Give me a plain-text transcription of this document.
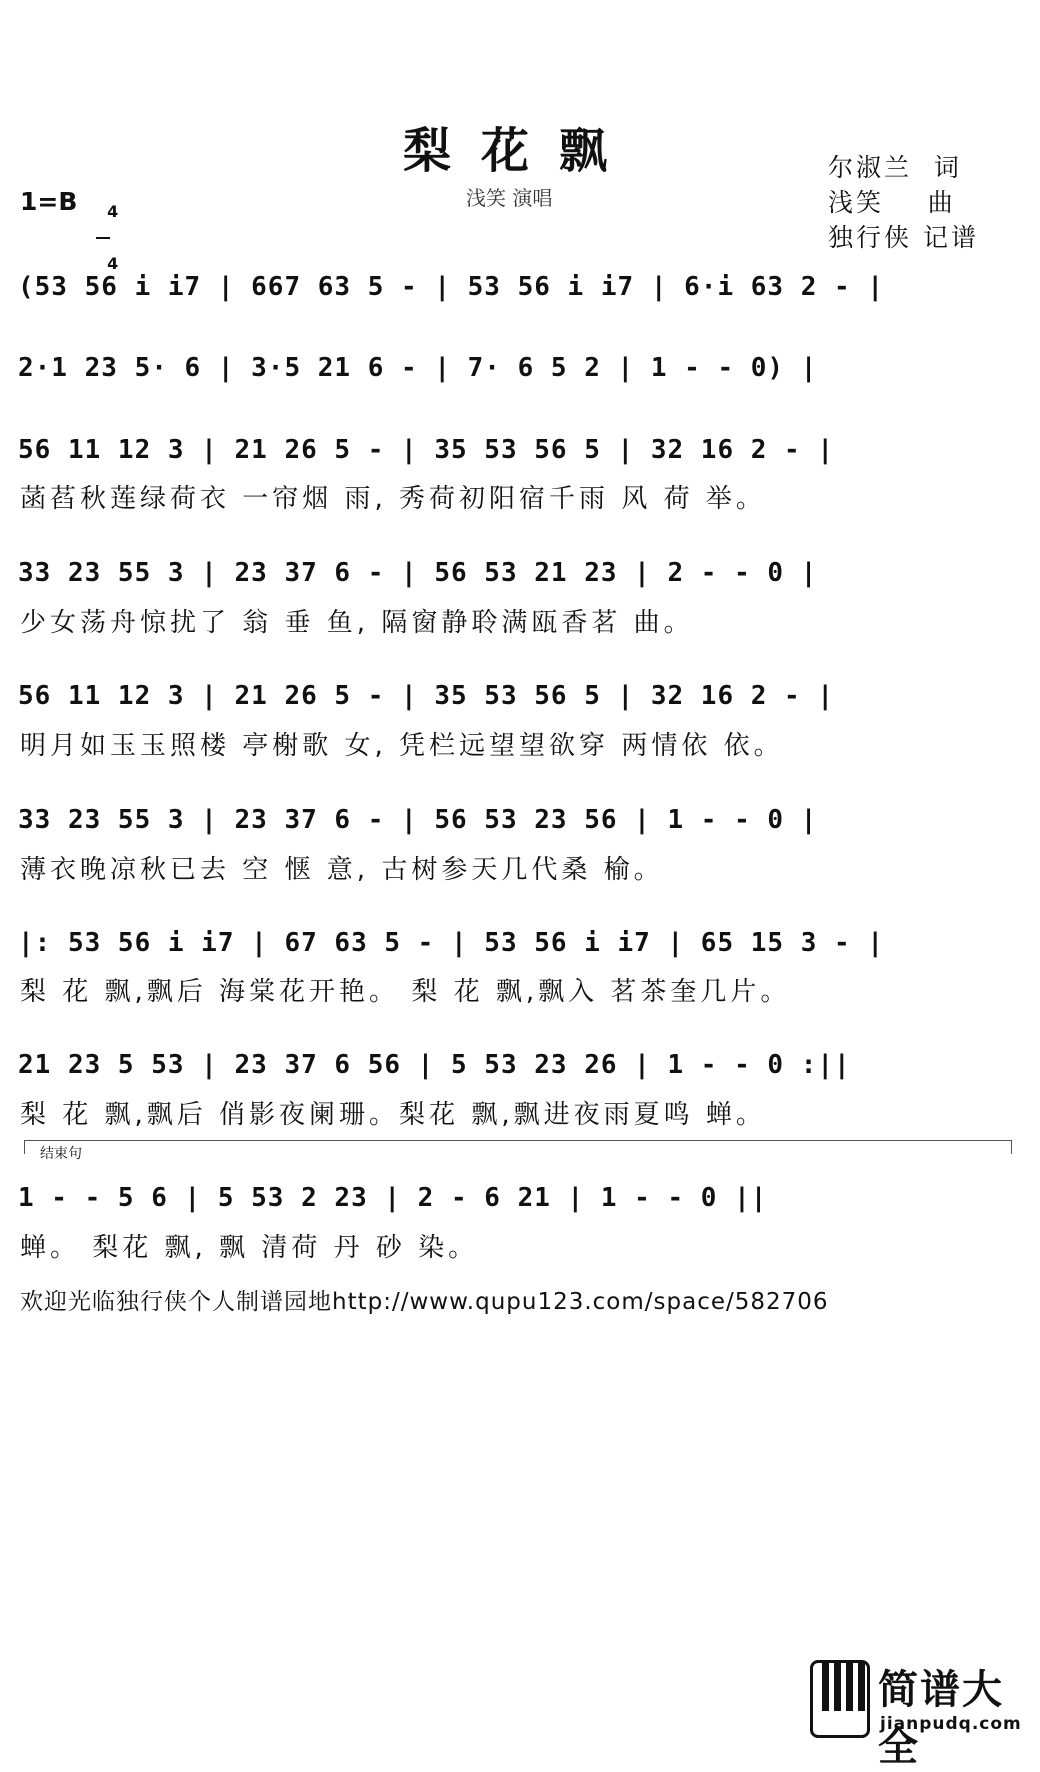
梨花飘
浅笑 演唱
尔淑兰  词
浅笑    曲
独行侠 记谱
1=B	4

4

(53 56 i i7 | 667 63 5 - | 53 56 i i7 | 6·i 63 2 - |
2·1 23 5· 6 | 3·5 21 6 - | 7· 6 5 2 | 1 - - 0) |
56 11 12 3 | 21 26 5 - | 35 53 56 5 | 32 16 2 - |
菡萏秋莲绿荷衣 一帘烟 雨, 秀荷初阳宿千雨 风 荷 举。
33 23 55 3 | 23 37 6 - | 56 53 21 23 | 2 - - 0 |
少女荡舟惊扰了 翁 垂 鱼, 隔窗静聆满瓯香茗 曲。
56 11 12 3 | 21 26 5 - | 35 53 56 5 | 32 16 2 - |
明月如玉玉照楼 亭榭歌 女, 凭栏远望望欲穿 两情依 依。
33 23 55 3 | 23 37 6 - | 56 53 23 56 | 1 - - 0 |
薄衣晚凉秋已去 空 惬 意, 古树参天几代桑 榆。
|: 53 56 i i7 | 67 63 5 - | 53 56 i i7 | 65 15 3 - |
梨 花 飘,飘后 海棠花开艳。 梨 花 飘,飘入 茗茶奎几片。
21 23 5 53 | 23 37 6 56 | 5 53 23 26 | 1 - - 0 :||
梨 花 飘,飘后 俏影夜阑珊。梨花 飘,飘进夜雨夏鸣 蝉。
结束句
1 - - 5 6 | 5 53 2 23 | 2 - 6 21 | 1 - - 0 ||
蝉。 梨花 飘, 飘 清荷 丹 砂 染。
欢迎光临独行侠个人制谱园地http://www.qupu123.com/space/582706
简谱大全
jianpudq.com
